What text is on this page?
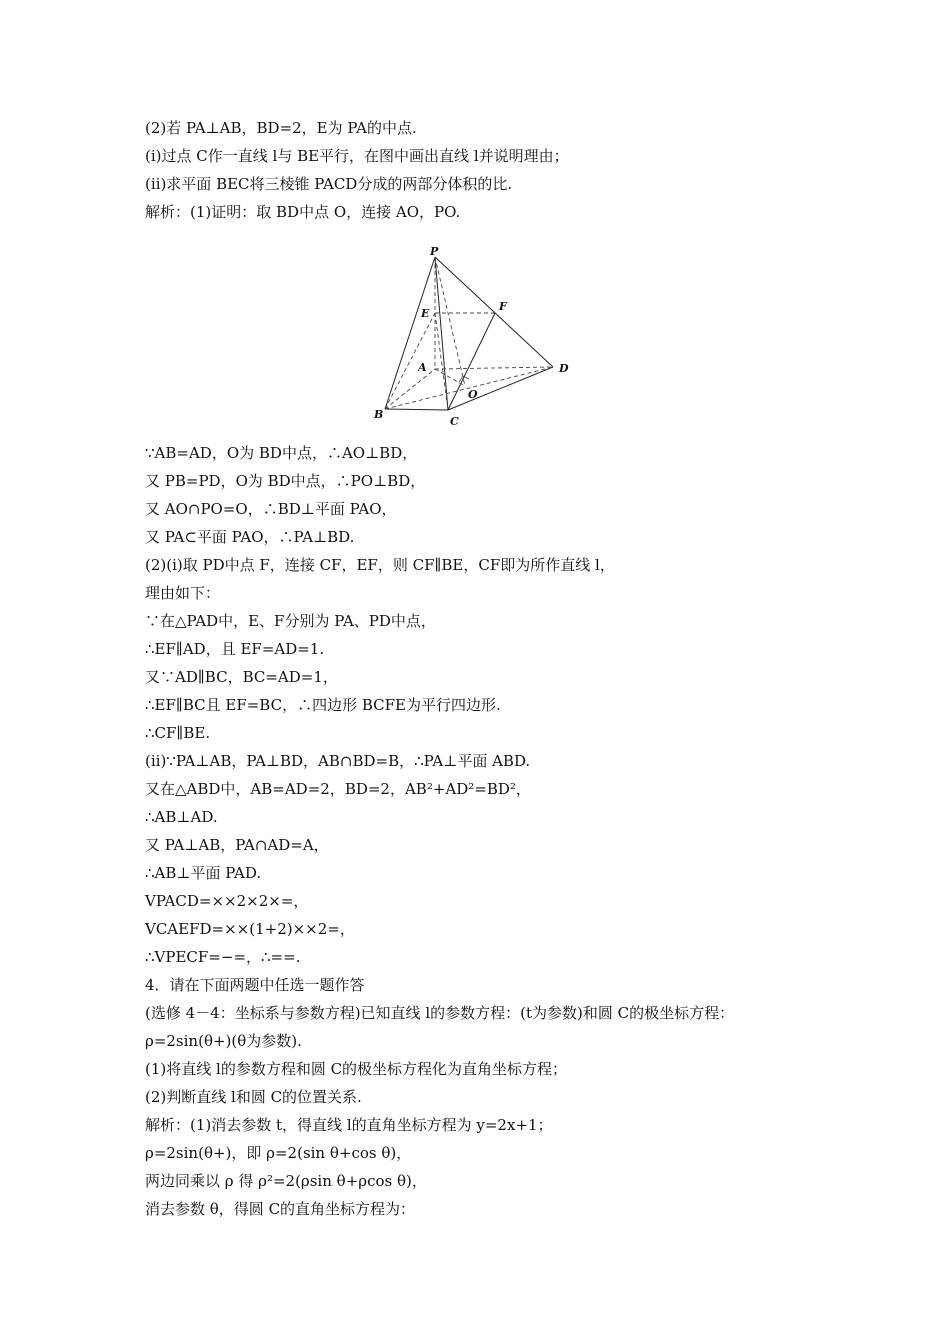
(2)若 PA⊥AB，BD=2，E为 PA的中点.
(ⅰ)过点 C作一直线 l与 BE平行，在图中画出直线 l并说明理由；
(ⅱ)求平面 BEC将三棱锥 PACD分成的两部分体积的比.
解析：(1)证明：取 BD中点 O，连接 AO，PO.
P
E
F
A	D
O
B
C
∵AB=AD，O为 BD中点，∴AO⊥BD，
又 PB=PD，O为 BD中点，∴PO⊥BD，
又 AO∩PO=O，∴BD⊥平面 PAO，
又 PA⊂平面 PAO，∴PA⊥BD.
(2)(ⅰ)取 PD中点 F，连接 CF，EF，则 CF∥BE，CF即为所作直线 l，
理由如下：
∵在△PAD中，E、F分别为 PA、PD中点，
∴EF∥AD，且 EF=AD=1.
又∵AD∥BC，BC=AD=1，
∴EF∥BC且 EF=BC，∴四边形 BCFE为平行四边形.
∴CF∥BE.
(ⅱ)∵PA⊥AB，PA⊥BD，AB∩BD=B，∴PA⊥平面 ABD.
又在△ABD中，AB=AD=2，BD=2，AB²+AD²=BD²，
∴AB⊥AD.
又 PA⊥AB，PA∩AD=A，
∴AB⊥平面 PAD.
VPACD=××2×2×=，
VCAEFD=××(1+2)××2=，
∴VPECF=−=，∴==.
4．请在下面两题中任选一题作答
(选修 4－4：坐标系与参数方程)已知直线 l的参数方程：(t为参数)和圆 C的极坐标方程：
ρ=2sin(θ+)(θ为参数).
(1)将直线 l的参数方程和圆 C的极坐标方程化为直角坐标方程；
(2)判断直线 l和圆 C的位置关系.
解析：(1)消去参数 t，得直线 l的直角坐标方程为 y=2x+1；
ρ=2sin(θ+)，即 ρ=2(sin θ+cos θ)，
两边同乘以 ρ 得 ρ²=2(ρsin θ+ρcos θ)，
消去参数 θ，得圆 C的直角坐标方程为：
